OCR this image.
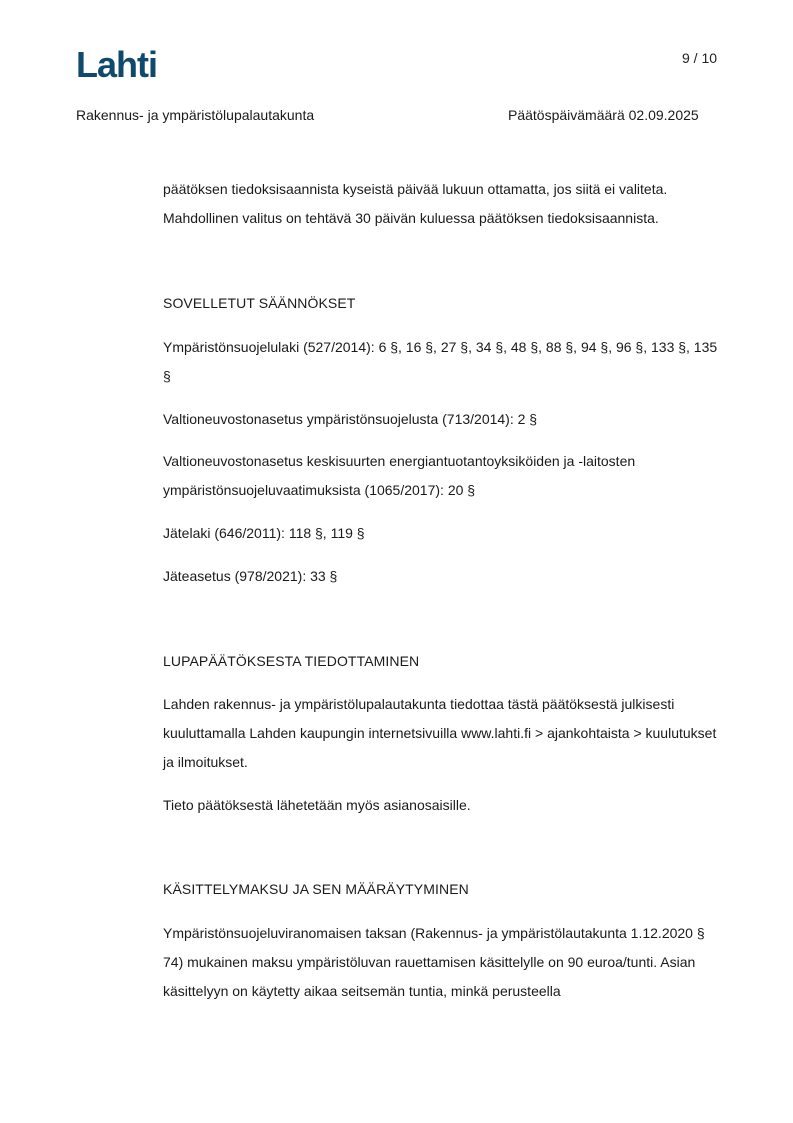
Lahti	9 / 10
Rakennus- ja ympäristölupalautakunta	Päätöspäivämäärä 02.09.2025

päätöksen tiedoksisaannista kyseistä päivää lukuun ottamatta, jos siitä ei valiteta.

Mahdollinen valitus on tehtävä 30 päivän kuluessa päätöksen tiedoksisaannista.

SOVELLETUT SÄÄNNÖKSET

Ympäristönsuojelulaki (527/2014): 6 §, 16 §, 27 §, 34 §, 48 §, 88 §, 94 §, 96 §, 133 §, 135 §

Valtioneuvostonasetus ympäristönsuojelusta (713/2014): 2 §

Valtioneuvostonasetus keskisuurten energiantuotantoyksiköiden ja -laitosten ympäristönsuojeluvaatimuksista (1065/2017): 20 §

Jätelaki (646/2011): 118 §, 119 §

Jäteasetus (978/2021): 33 §

LUPAPÄÄTÖKSESTA TIEDOTTAMINEN

Lahden rakennus- ja ympäristölupalautakunta tiedottaa tästä päätöksestä julkisesti kuuluttamalla Lahden kaupungin internetsivuilla www.lahti.fi > ajankohtaista > kuulutukset ja ilmoitukset.

Tieto päätöksestä lähetetään myös asianosaisille.

KÄSITTELYMAKSU JA SEN MÄÄRÄYTYMINEN

Ympäristönsuojeluviranomaisen taksan (Rakennus- ja ympäristölautakunta 1.12.2020 § 74) mukainen maksu ympäristöluvan rauettamisen käsittelylle on 90 euroa/tunti. Asian käsittelyyn on käytetty aikaa seitsemän tuntia, minkä perusteella
